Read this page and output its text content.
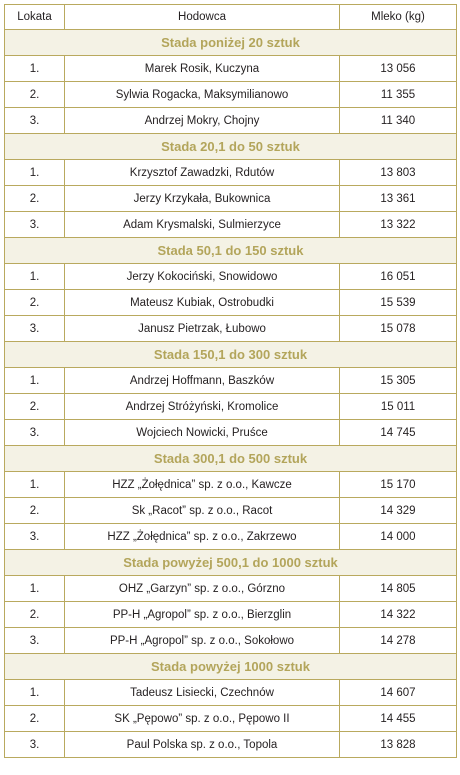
Lokata	Hodowca	Mleko (kg)
Stada poniżej 20 sztuk		
1.	Marek Rosik, Kuczyna	13 056
2.	Sylwia Rogacka, Maksymilianowo	11 355
3.	Andrzej Mokry, Chojny	11 340
Stada 20,1 do 50 sztuk		
1.	Krzysztof Zawadzki, Rdutów	13 803
2.	Jerzy Krzykała, Bukownica	13 361
3.	Adam Krysmalski, Sulmierzyce	13 322
Stada 50,1 do 150 sztuk		
1.	Jerzy Kokociński, Snowidowo	16 051
2.	Mateusz Kubiak, Ostrobudki	15 539
3.	Janusz Pietrzak, Łubowo	15 078
Stada 150,1 do 300 sztuk		
1.	Andrzej Hoffmann, Baszków	15 305
2.	Andrzej Stróżyński, Kromolice	15 011
3.	Wojciech Nowicki, Pruśce	14 745
Stada 300,1 do 500 sztuk		
1.	HZZ „Żołędnica” sp. z o.o., Kawcze	15 170
2.	Sk „Racot” sp. z o.o., Racot	14 329
3.	HZZ „Żołędnica” sp. z o.o., Zakrzewo	14 000
Stada powyżej 500,1 do 1000 sztuk		
1.	OHZ „Garzyn” sp. z o.o., Górzno	14 805
2.	PP-H „Agropol” sp. z o.o., Bierzglin	14 322
3.	PP-H „Agropol” sp. z o.o., Sokołowo	14 278
Stada powyżej 1000 sztuk		
1.	Tadeusz Lisiecki, Czechnów	14 607
2.	SK „Pępowo” sp. z o.o., Pępowo II	14 455
3.	Paul Polska sp. z o.o., Topola	13 828
